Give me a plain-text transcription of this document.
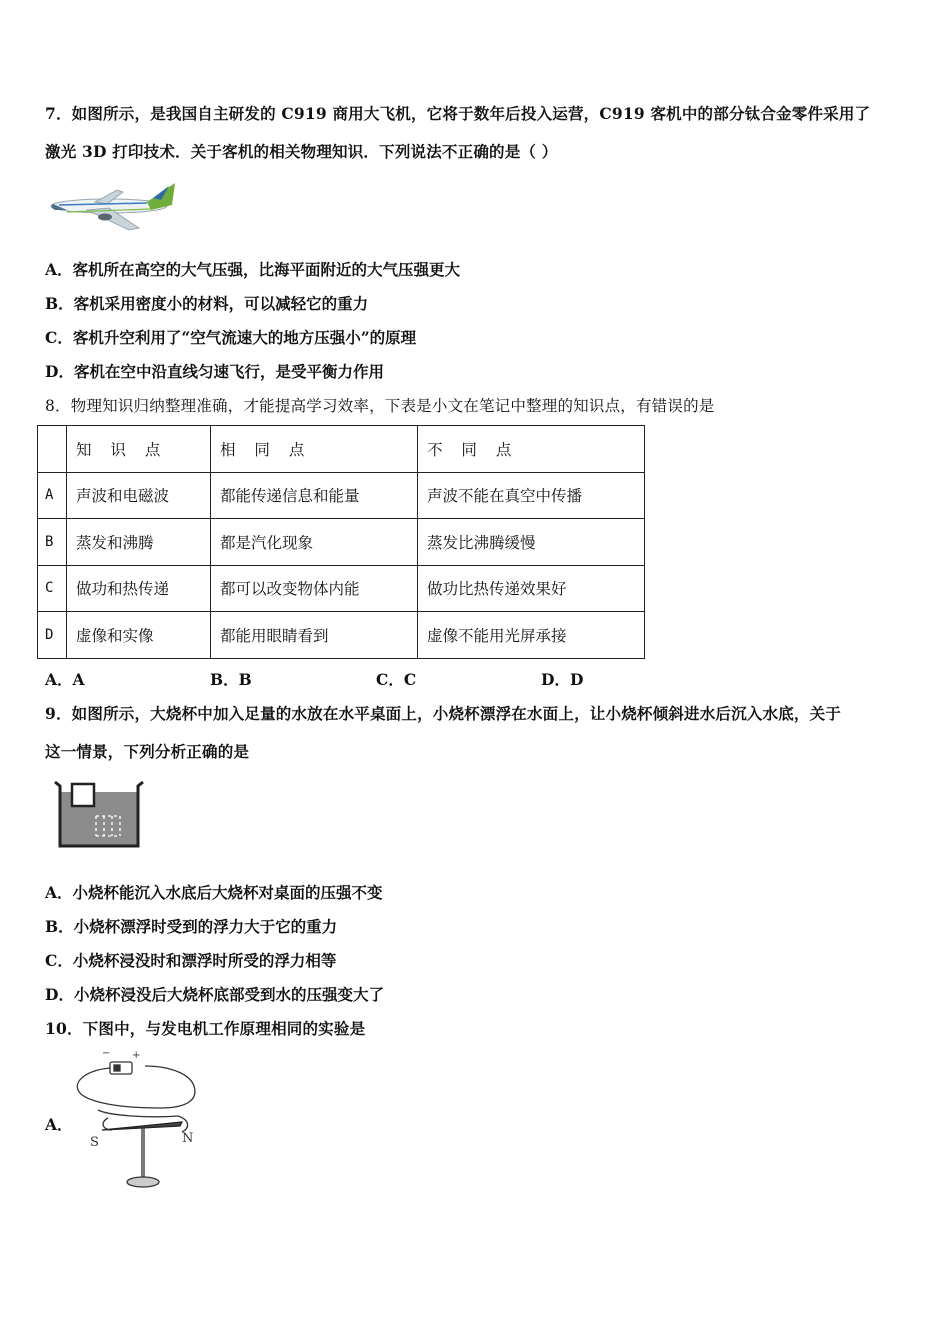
7．如图所示，是我国自主研发的 C919 商用大飞机，它将于数年后投入运营，C919 客机中的部分钛合金零件采用了
激光 3D 打印技术．关于客机的相关物理知识．下列说法不正确的是（ ）
A．客机所在高空的大气压强，比海平面附近的大气压强更大
B．客机采用密度小的材料，可以减轻它的重力
C．客机升空利用了“空气流速大的地方压强小”的原理
D．客机在空中沿直线匀速飞行，是受平衡力作用
8．物理知识归纳整理准确，才能提高学习效率，下表是小文在笔记中整理的知识点，有错误的是
	知 识 点	相 同 点	不 同 点
A	声波和电磁波	都能传递信息和能量	声波不能在真空中传播
B	蒸发和沸腾	都是汽化现象	蒸发比沸腾缓慢
C	做功和热传递	都可以改变物体内能	做功比热传递效果好
D	虚像和实像	都能用眼睛看到	虚像不能用光屏承接
A．A	B．B	C．C	D．D
9．如图所示，大烧杯中加入足量的水放在水平桌面上，小烧杯漂浮在水面上，让小烧杯倾斜进水后沉入水底，关于
这一情景，下列分析正确的是
A．小烧杯能沉入水底后大烧杯对桌面的压强不变
B．小烧杯漂浮时受到的浮力大于它的重力
C．小烧杯浸没时和漂浮时所受的浮力相等
D．小烧杯浸没后大烧杯底部受到水的压强变大了
10．下图中，与发电机工作原理相同的实验是
A．
− +
S	N
